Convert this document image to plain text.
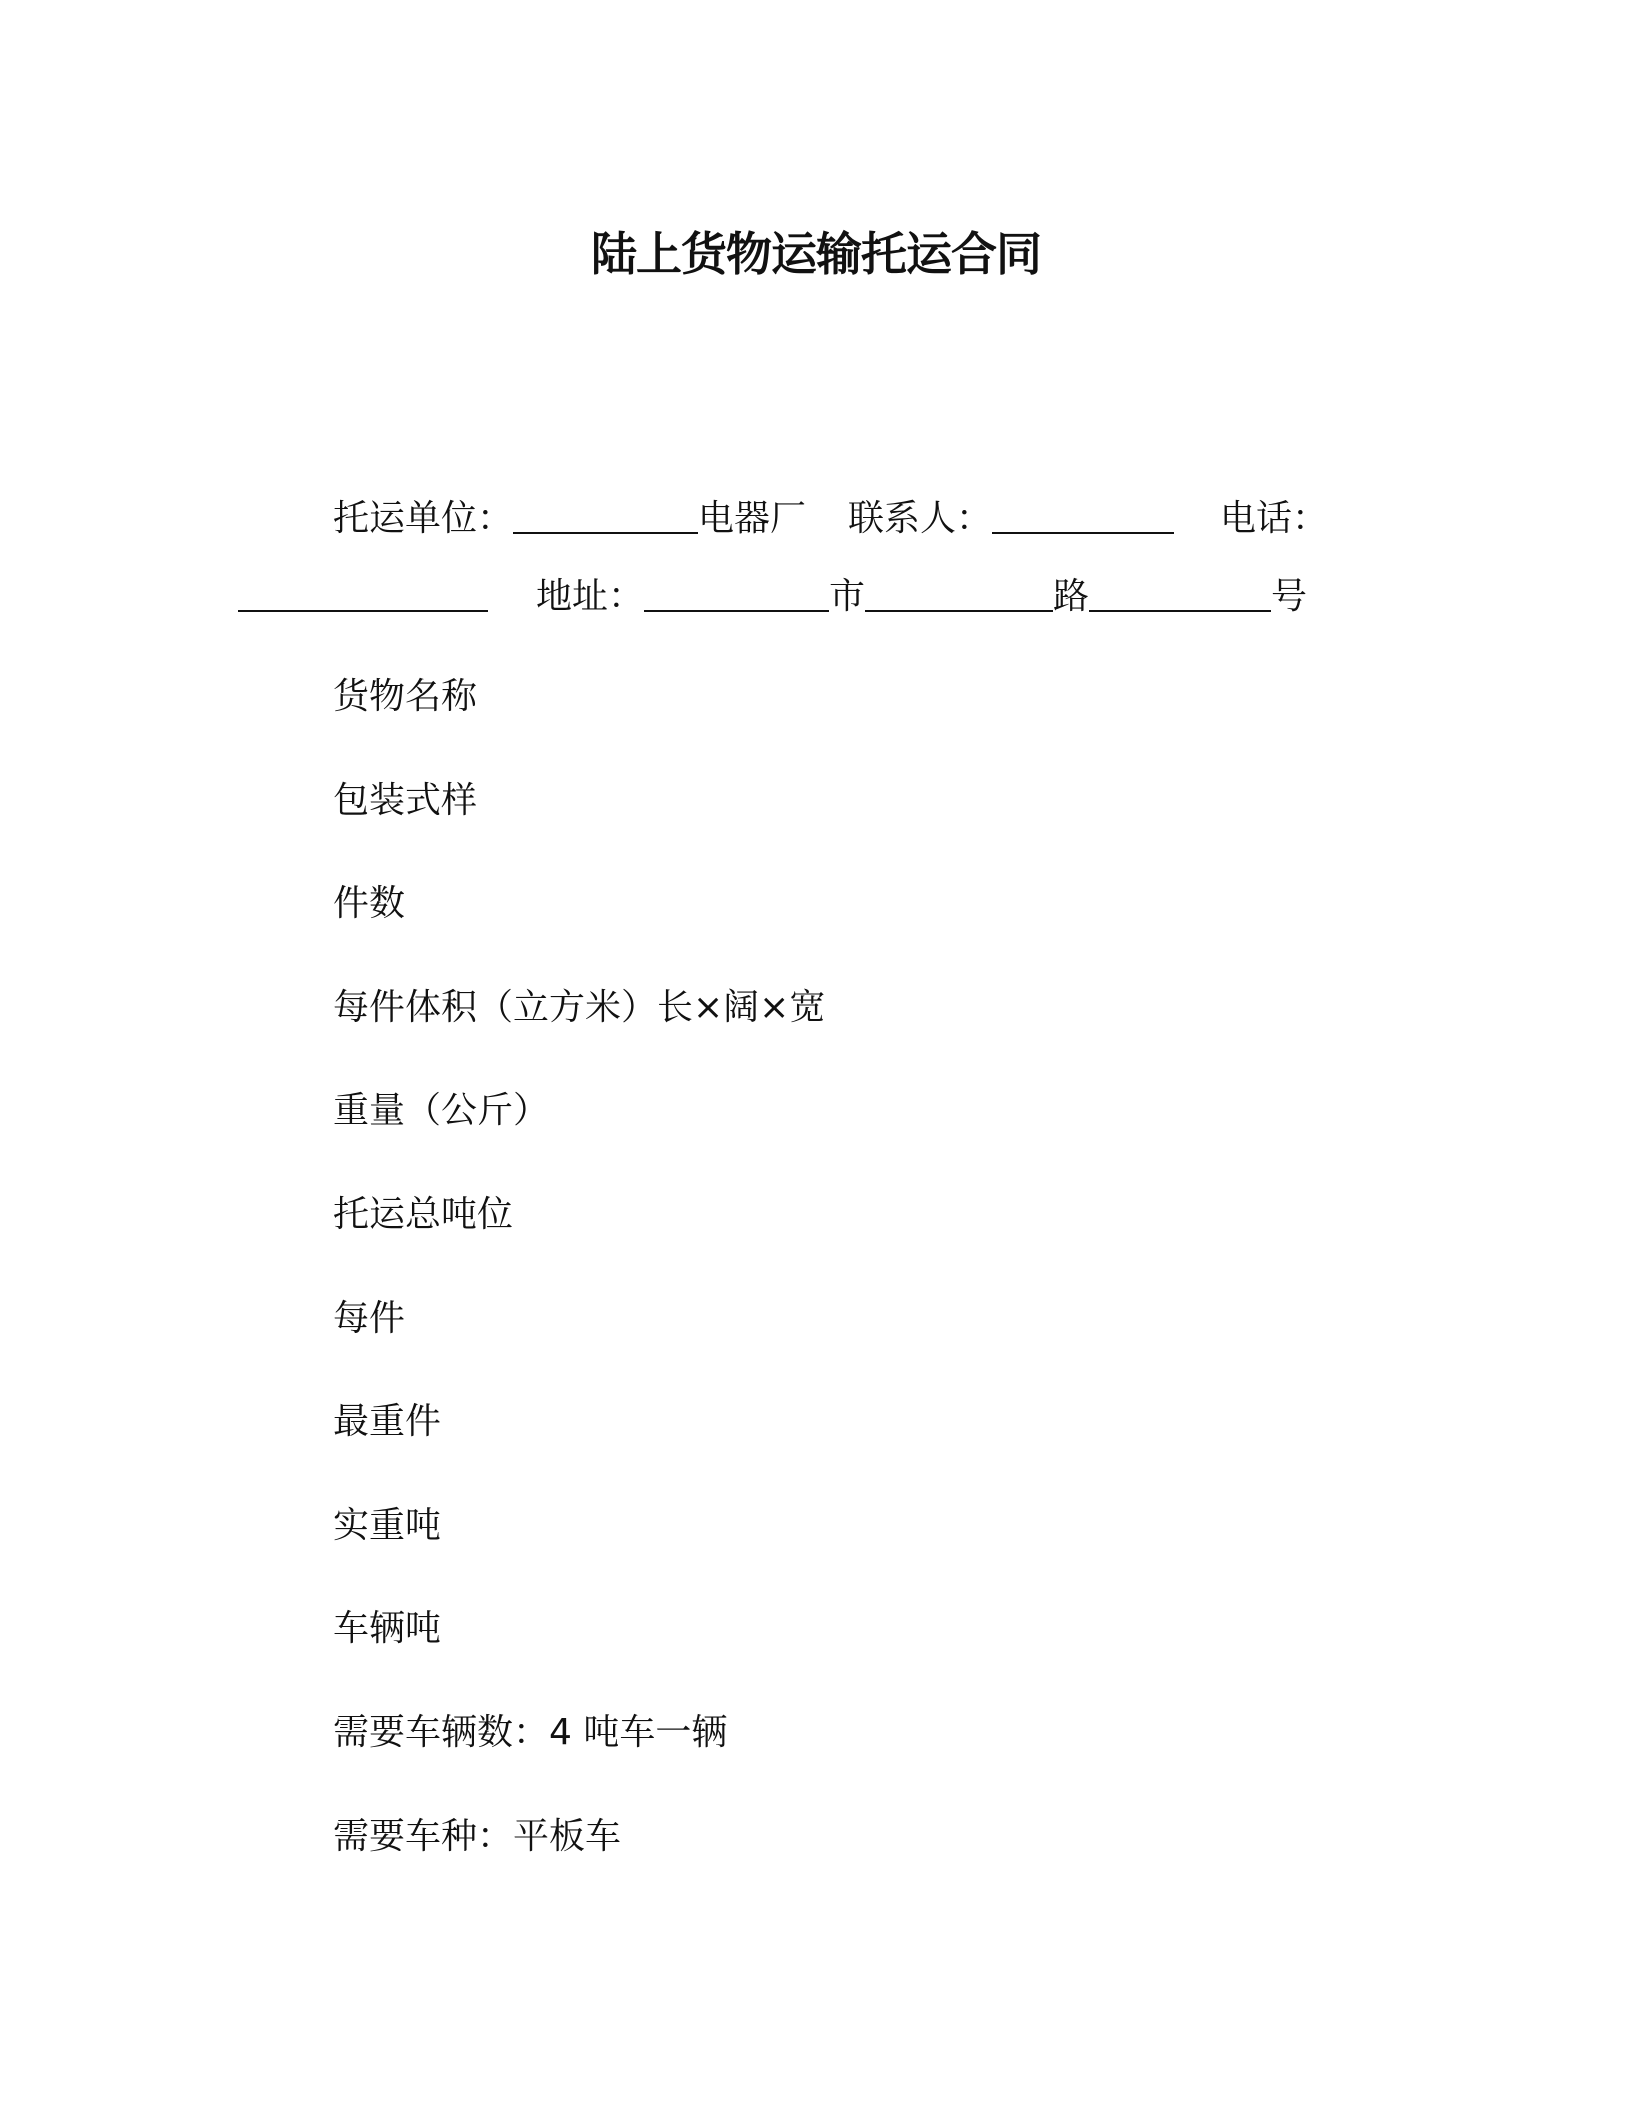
陆上货物运输托运合同
托运单位：	电器厂 联系人：	电话：
地址：	市	路	号
货物名称
包装式样
件数
每件体积（立方米）长×阔×宽
重量（公斤）
托运总吨位
每件
最重件
实重吨
车辆吨
需要车辆数：4 吨车一辆
需要车种：平板车
